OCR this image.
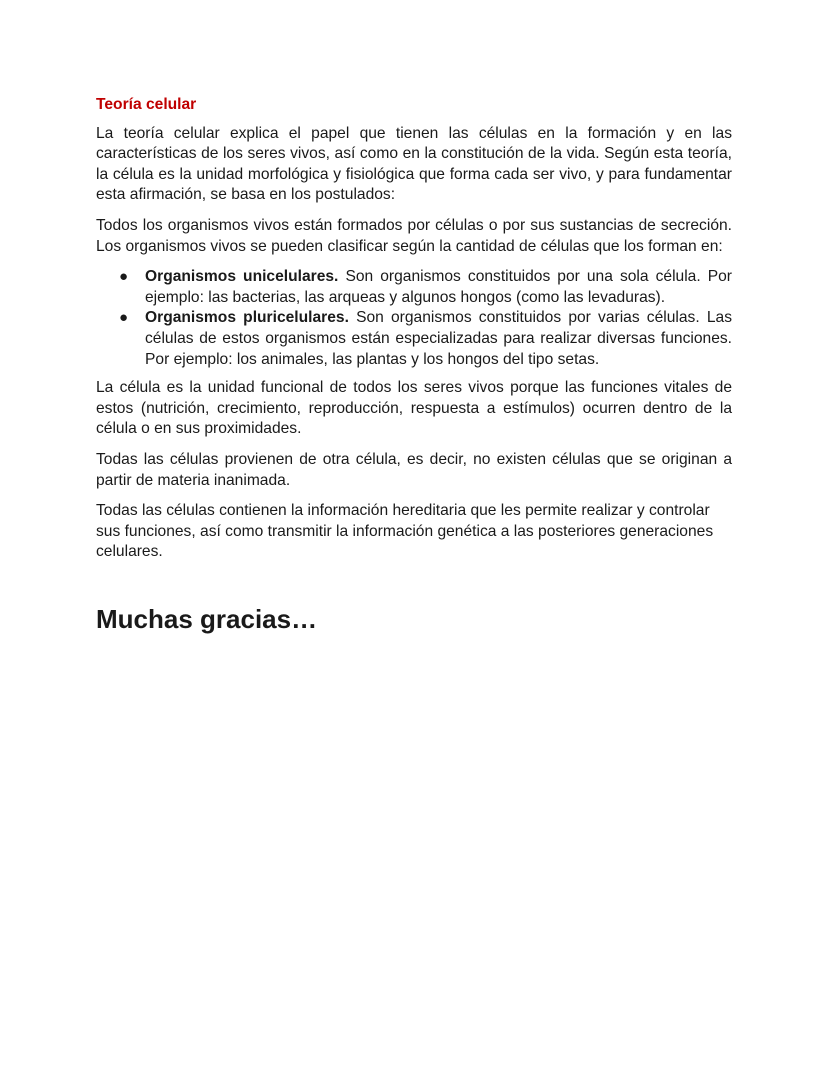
Teoría celular

La teoría celular explica el papel que tienen las células en la formación y en las características de los seres vivos, así como en la constitución de la vida. Según esta teoría, la célula es la unidad morfológica y fisiológica que forma cada ser vivo, y para fundamentar esta afirmación, se basa en los postulados:

Todos los organismos vivos están formados por células o por sus sustancias de secreción. Los organismos vivos se pueden clasificar según la cantidad de células que los forman en:

● Organismos unicelulares. Son organismos constituidos por una sola célula. Por ejemplo: las bacterias, las arqueas y algunos hongos (como las levaduras).
● Organismos pluricelulares. Son organismos constituidos por varias células. Las células de estos organismos están especializadas para realizar diversas funciones. Por ejemplo: los animales, las plantas y los hongos del tipo setas.

La célula es la unidad funcional de todos los seres vivos porque las funciones vitales de estos (nutrición, crecimiento, reproducción, respuesta a estímulos) ocurren dentro de la célula o en sus proximidades.

Todas las células provienen de otra célula, es decir, no existen células que se originan a partir de materia inanimada.

Todas las células contienen la información hereditaria que les permite realizar y controlar sus funciones, así como transmitir la información genética a las posteriores generaciones celulares.

Muchas gracias…
